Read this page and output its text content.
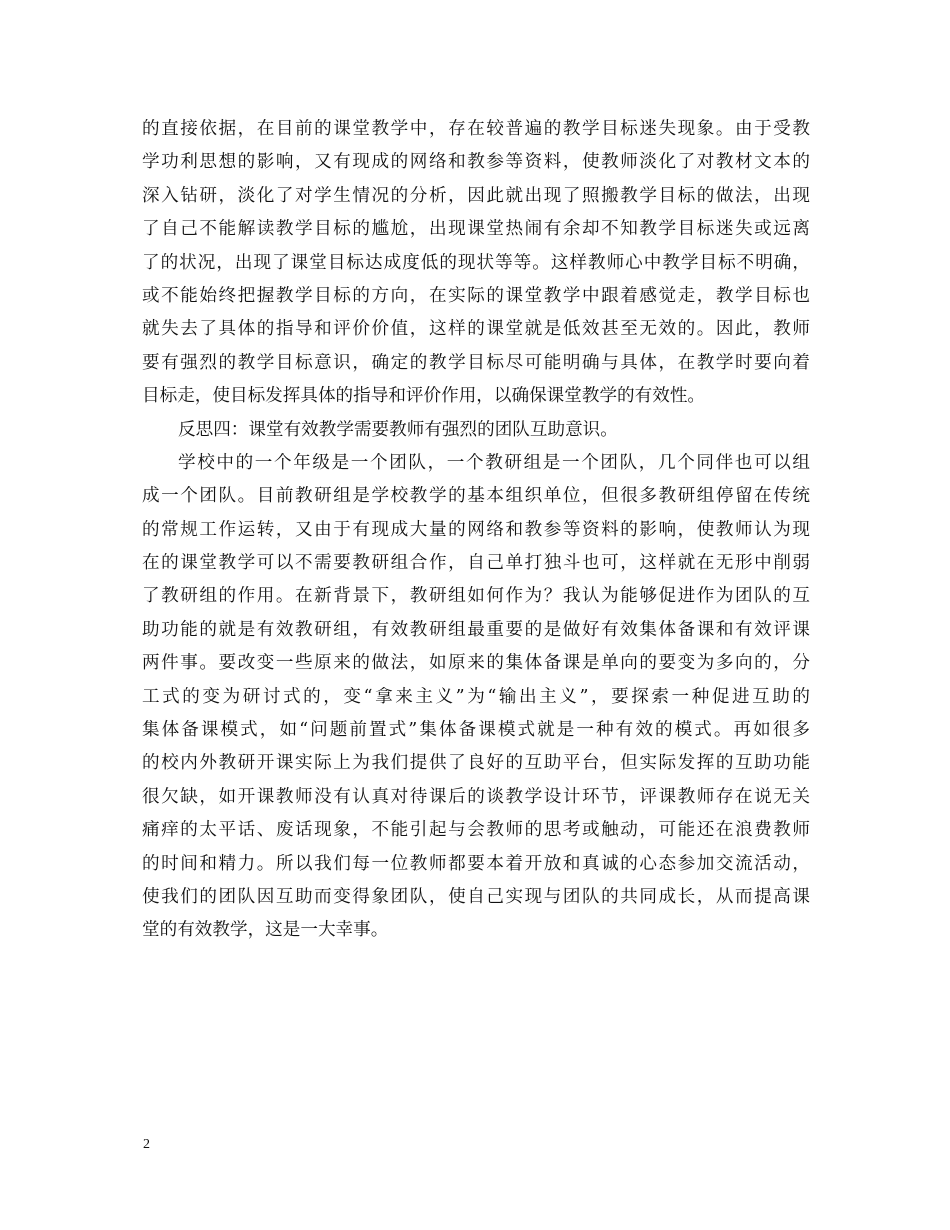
的直接依据，在目前的课堂教学中，存在较普遍的教学目标迷失现象。由于受教
学功利思想的影响，又有现成的网络和教参等资料，使教师淡化了对教材文本的
深入钻研，淡化了对学生情况的分析，因此就出现了照搬教学目标的做法，出现
了自己不能解读教学目标的尴尬，出现课堂热闹有余却不知教学目标迷失或远离
了的状况，出现了课堂目标达成度低的现状等等。这样教师心中教学目标不明确，
或不能始终把握教学目标的方向，在实际的课堂教学中跟着感觉走，教学目标也
就失去了具体的指导和评价价值，这样的课堂就是低效甚至无效的。因此，教师
要有强烈的教学目标意识，确定的教学目标尽可能明确与具体，在教学时要向着
目标走，使目标发挥具体的指导和评价作用，以确保课堂教学的有效性。
反思四：课堂有效教学需要教师有强烈的团队互助意识。
学校中的一个年级是一个团队，一个教研组是一个团队，几个同伴也可以组
成一个团队。目前教研组是学校教学的基本组织单位，但很多教研组停留在传统
的常规工作运转，又由于有现成大量的网络和教参等资料的影响，使教师认为现
在的课堂教学可以不需要教研组合作，自己单打独斗也可，这样就在无形中削弱
了教研组的作用。在新背景下，教研组如何作为？我认为能够促进作为团队的互
助功能的就是有效教研组，有效教研组最重要的是做好有效集体备课和有效评课
两件事。要改变一些原来的做法，如原来的集体备课是单向的要变为多向的，分
工式的变为研讨式的，变“拿来主义”为“输出主义”，要探索一种促进互助的
集体备课模式，如“问题前置式”集体备课模式就是一种有效的模式。再如很多
的校内外教研开课实际上为我们提供了良好的互助平台，但实际发挥的互助功能
很欠缺，如开课教师没有认真对待课后的谈教学设计环节，评课教师存在说无关
痛痒的太平话、废话现象，不能引起与会教师的思考或触动，可能还在浪费教师
的时间和精力。所以我们每一位教师都要本着开放和真诚的心态参加交流活动，
使我们的团队因互助而变得象团队，使自己实现与团队的共同成长，从而提高课
堂的有效教学，这是一大幸事。
2
